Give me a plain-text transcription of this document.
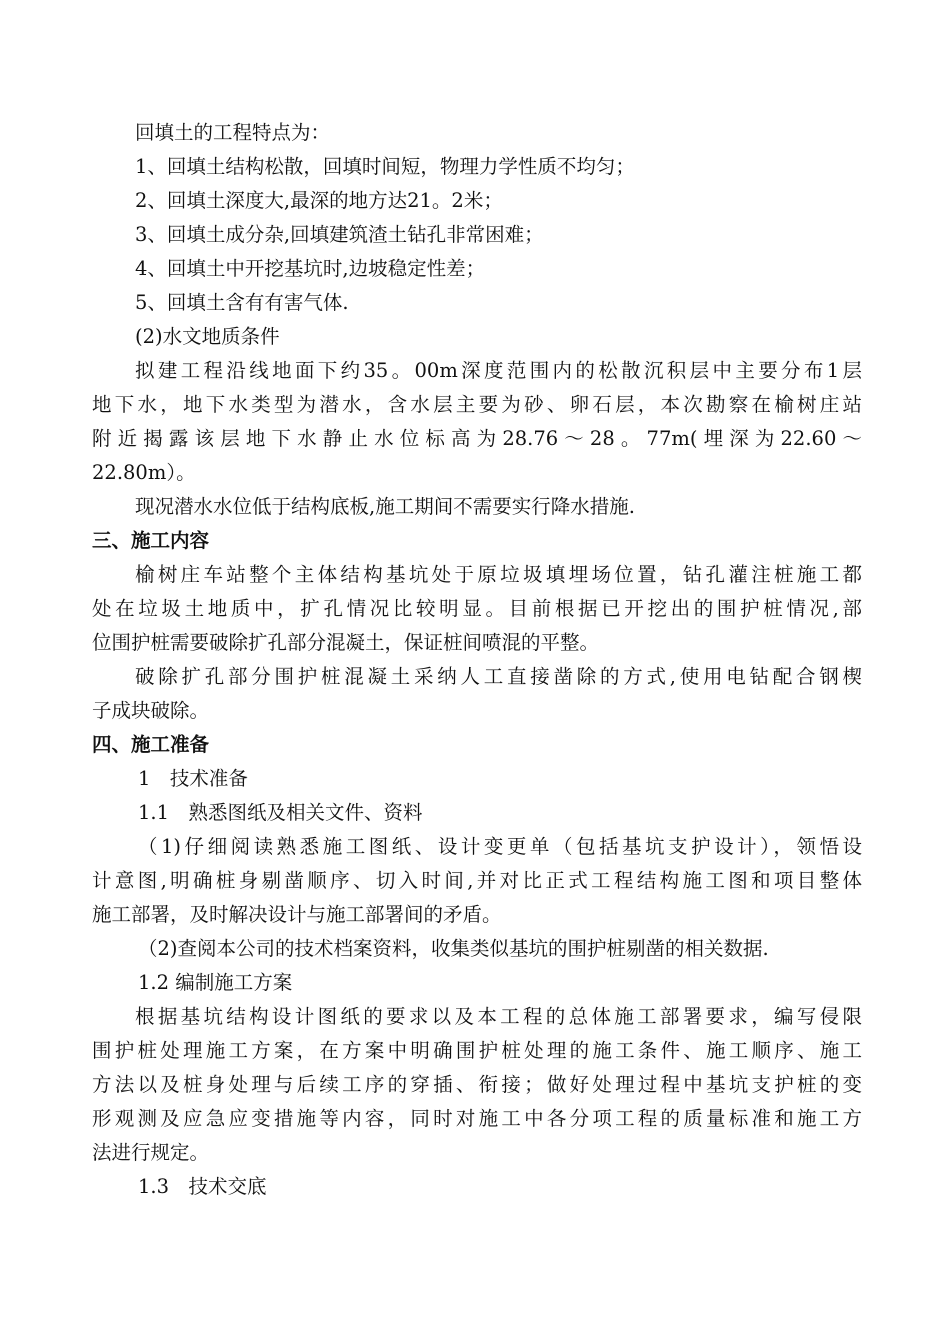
回填土的工程特点为：
1、回填土结构松散，回填时间短，物理力学性质不均匀；
2、回填土深度大,最深的地方达21。2米；
3、回填土成分杂,回填建筑渣土钻孔非常困难；
4、回填土中开挖基坑时,边坡稳定性差；
5、回填土含有有害气体.
(2)水文地质条件
拟建工程沿线地面下约35。00m深度范围内的松散沉积层中主要分布1层
地下水，地下水类型为潜水，含水层主要为砂、卵石层，本次勘察在榆树庄站
附近揭露该层地下水静止水位标高为28.76～28。77m(埋深为22.60～
22.80m）。
现况潜水水位低于结构底板,施工期间不需要实行降水措施.
三、施工内容
榆树庄车站整个主体结构基坑处于原垃圾填埋场位置，钻孔灌注桩施工都
处在垃圾土地质中，扩孔情况比较明显。目前根据已开挖出的围护桩情况,部
位围护桩需要破除扩孔部分混凝土，保证桩间喷混的平整。
破除扩孔部分围护桩混凝土采纳人工直接凿除的方式,使用电钻配合钢楔
子成块破除。
四、施工准备
1　技术准备
1.1　熟悉图纸及相关文件、资料
（1)仔细阅读熟悉施工图纸、设计变更单（包括基坑支护设计），领悟设
计意图,明确桩身剔凿顺序、切入时间,并对比正式工程结构施工图和项目整体
施工部署，及时解决设计与施工部署间的矛盾。
（2)查阅本公司的技术档案资料，收集类似基坑的围护桩剔凿的相关数据.
1.2 编制施工方案
根据基坑结构设计图纸的要求以及本工程的总体施工部署要求，编写侵限
围护桩处理施工方案，在方案中明确围护桩处理的施工条件、施工顺序、施工
方法以及桩身处理与后续工序的穿插、衔接；做好处理过程中基坑支护桩的变
形观测及应急应变措施等内容，同时对施工中各分项工程的质量标准和施工方
法进行规定。
1.3　技术交底
